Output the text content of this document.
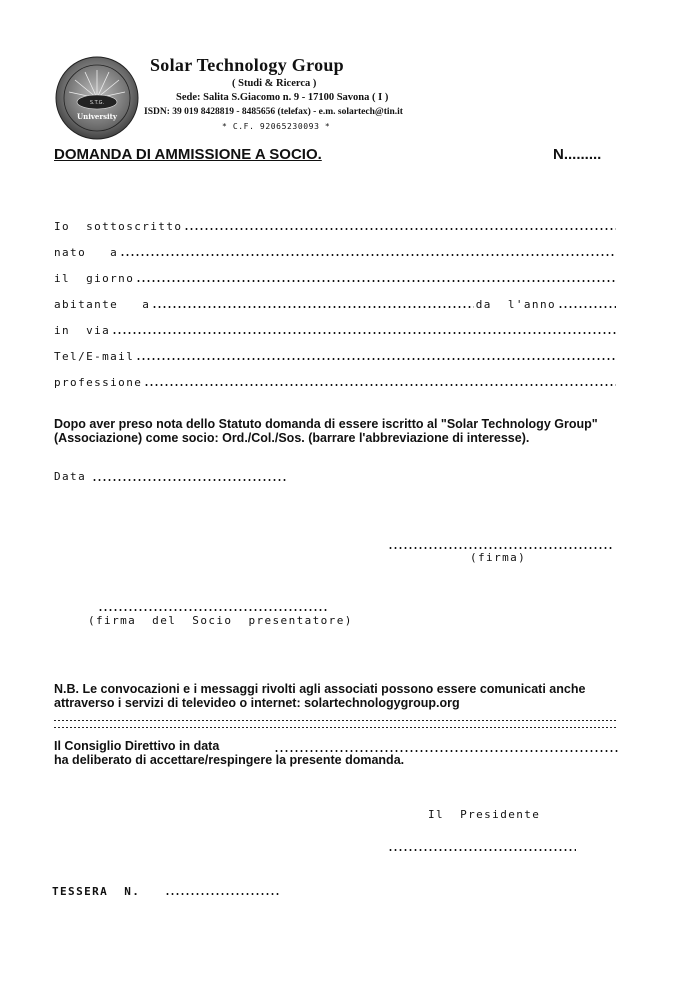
S.T.G.
University
Solar Technology Group
( Studi & Ricerca )
Sede: Salita S.Giacomo n. 9 - 17100 Savona ( I )
ISDN: 39 019 8428819 - 8485656 (telefax) - e.m. solartech@tin.it
* C.F. 92065230093 *
DOMANDA DI AMMISSIONE A SOCIO.	N.........
Io  sottoscritto
nato   a
il  giorno
abitante   a	da  l'anno
in  via
Tel/E-mail
professione
Dopo aver preso nota dello Statuto domanda di essere iscritto al "Solar Technology Group" (Associazione) come socio: Ord./Col./Sos. (barrare l'abbreviazione di interesse).
Data
(firma)
(firma  del  Socio  presentatore)
N.B. Le convocazioni e i messaggi rivolti agli associati possono essere comunicati anche attraverso i servizi di televideo o internet: solartechnologygroup.org
Il Consiglio Direttivo in data
ha deliberato di accettare/respingere la presente domanda.
Il  Presidente
TESSERA  N.
